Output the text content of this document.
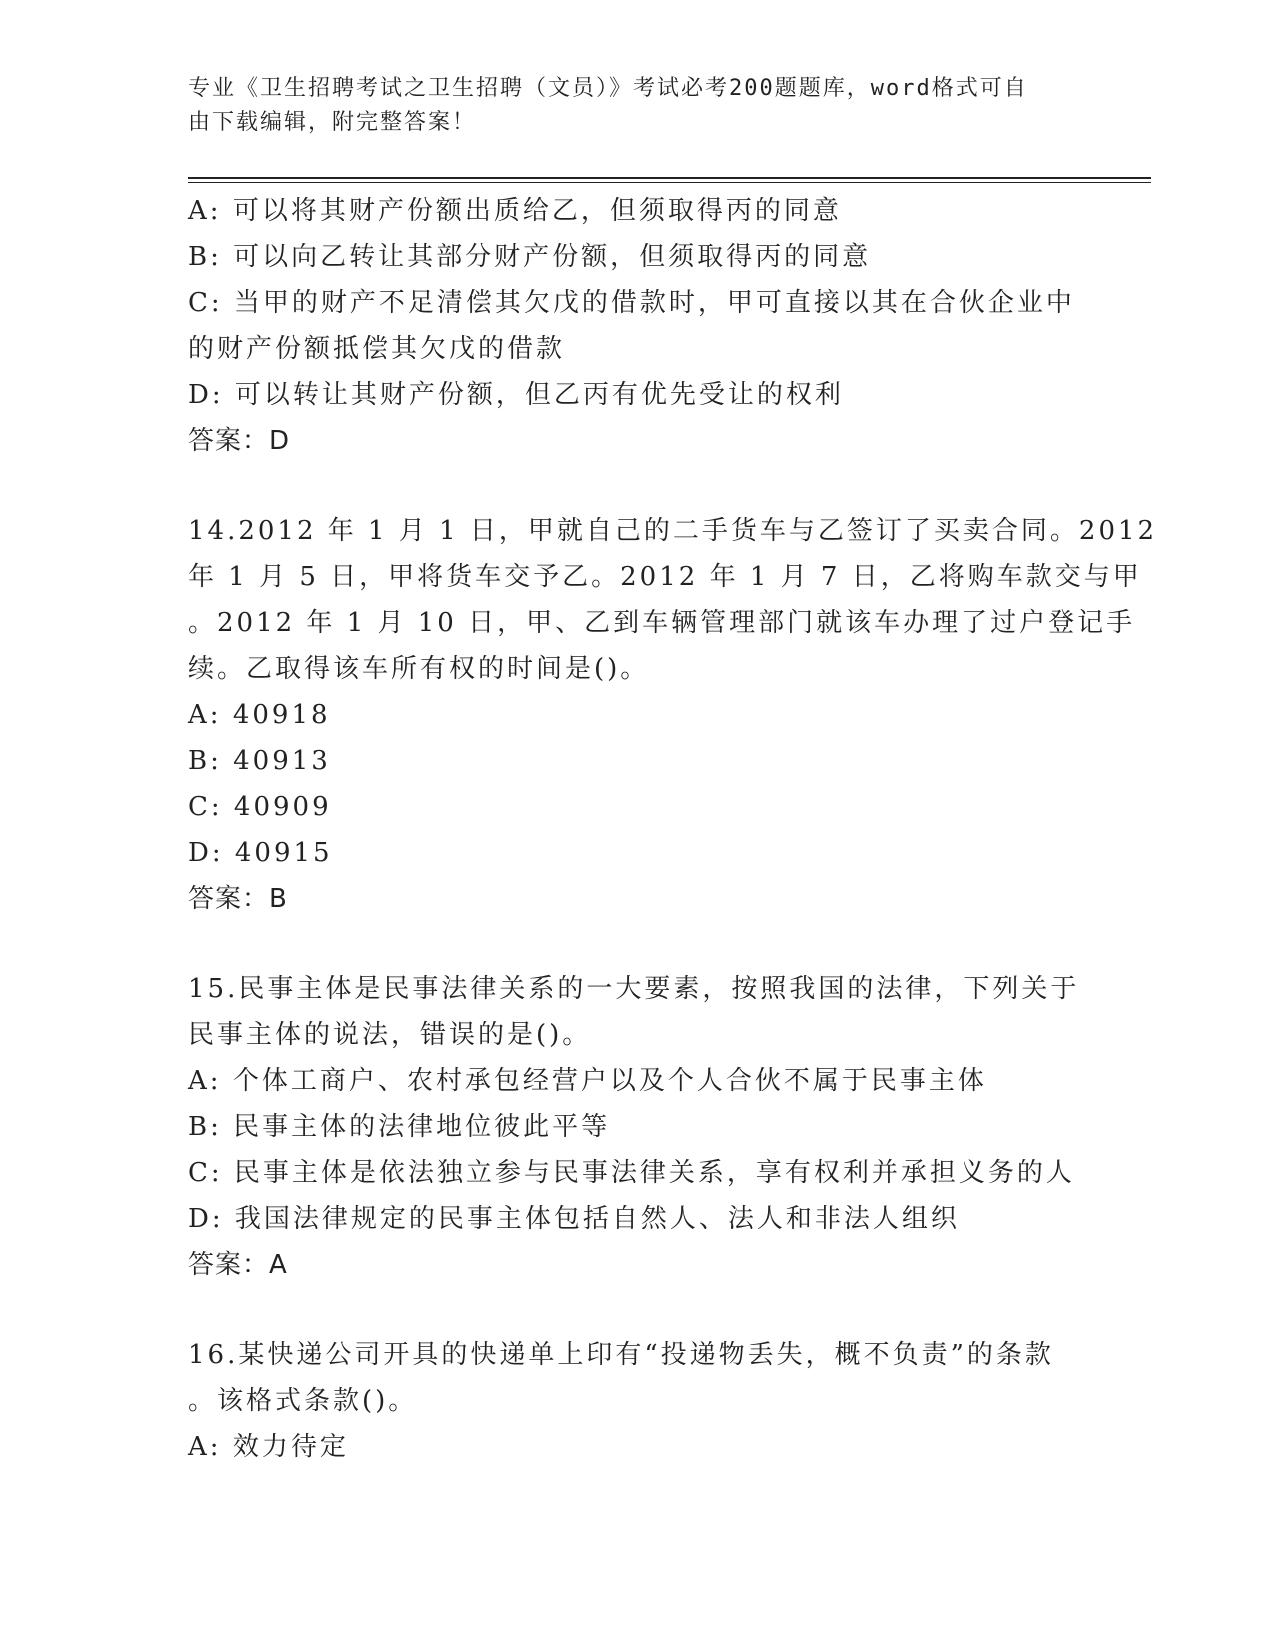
专业《卫生招聘考试之卫生招聘（文员）》考试必考200题题库，word格式可自
由下载编辑，附完整答案！
A: 可以将其财产份额出质给乙，但须取得丙的同意
B: 可以向乙转让其部分财产份额，但须取得丙的同意
C: 当甲的财产不足清偿其欠戊的借款时，甲可直接以其在合伙企业中
的财产份额抵偿其欠戊的借款
D: 可以转让其财产份额，但乙丙有优先受让的权利
答案：D
14.2012 年 1 月 1 日，甲就自己的二手货车与乙签订了买卖合同。2012
年 1 月 5 日，甲将货车交予乙。2012 年 1 月 7 日，乙将购车款交与甲
。2012 年 1 月 10 日，甲、乙到车辆管理部门就该车办理了过户登记手
续。乙取得该车所有权的时间是()。
A: 40918
B: 40913
C: 40909
D: 40915
答案：B
15.民事主体是民事法律关系的一大要素，按照我国的法律，下列关于
民事主体的说法，错误的是()。
A: 个体工商户、农村承包经营户以及个人合伙不属于民事主体
B: 民事主体的法律地位彼此平等
C: 民事主体是依法独立参与民事法律关系，享有权利并承担义务的人
D: 我国法律规定的民事主体包括自然人、法人和非法人组织
答案：A
16.某快递公司开具的快递单上印有“投递物丢失，概不负责”的条款
。该格式条款()。
A: 效力待定
